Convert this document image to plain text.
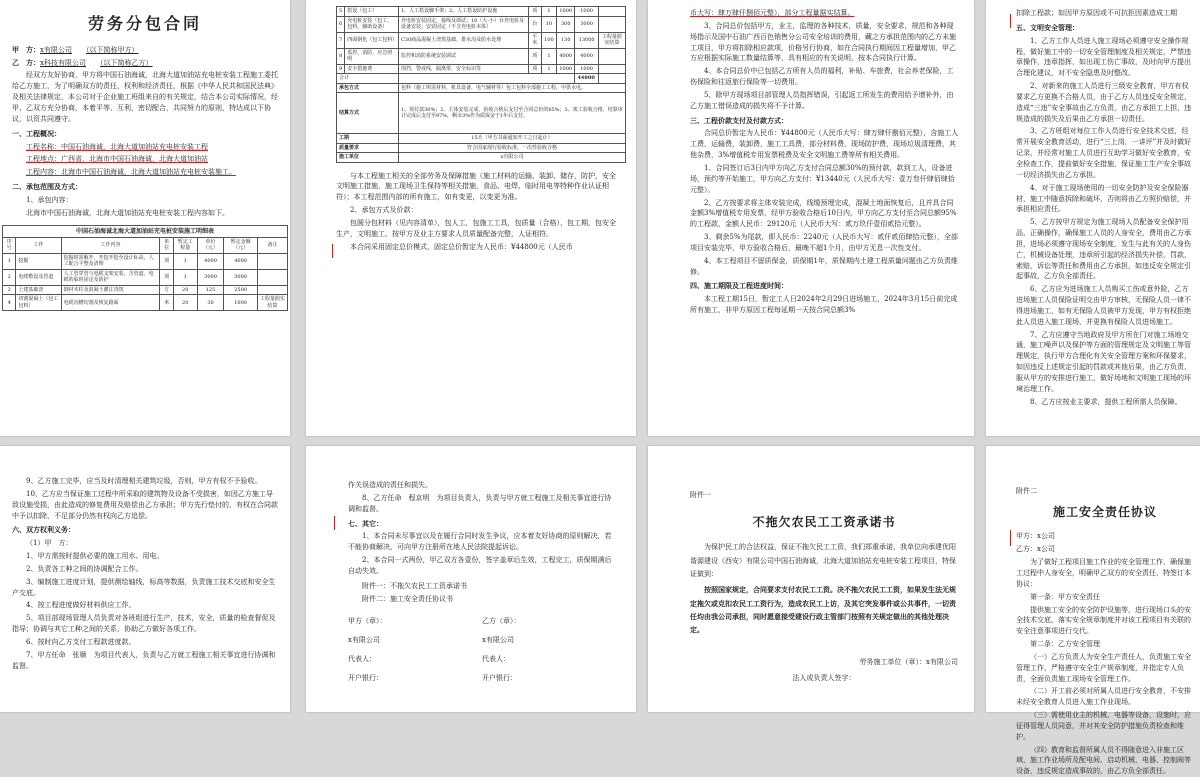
劳务分包合同

甲　方：x有限公司　　 （以下简称甲方）

乙　方：x科技有限公司　　 （以下简称乙方）

经双方友好协商，甲方将中国石油海诚，北海大道加油站充电桩安装工程施工委托给乙方施工，为了明确双方的责任，权利和经济责任，根据《中华人民共和国民法典》及相关法律规定，本公司对于企业施工班组来自的有关规定，结合本公司实际情况，经甲、乙双方充分协商，本着平等、互利，密切配合，共同努力的原则，特达成以下协议，以资共同遵守。

一、工程概况：

工程名称：中国石油海诚，北海大道加油站充电桩安装工程

工程地点：广西省，北海市中国石油海诚，北海大道加油站

工程内容：北海市中国石油海诚，北海大道加油站充电桩安装施工。

二、承包范围及方式：

1、承包内容：

北海市中国石油海诚，北海大道加油站充电桩安装工程内容如下。

中国石油海诚北海大道加油站充电桩安装施工明细表
序号	工作	工作内容	单位	暂定工程量	单价（元）	暂定金额（元）	备注
1	挖掘	挖掘时需解开，开挖开挖至设计标高，人工配合平整及清理	项	1	4000	4000	
2	电缆敷设及管道	人工管穿管与电缆支架安装，含管道，电缆的临时固定及防护	项	1	3000	3000	
3	土建基础浇	钢材木柱及混凝土灌注浇筑	方	20	125	2500	
4	切割混凝土（包工包料）	电缆沟槽切割及恢复路面	米	20	30	1000	工程量据实结算
5	搭设（包工）	1、人工搭设脚手架；2、人工搭设防护设施	项	1	1000	1000	
6	充电桩安装（包工，包料，辅助设备）	充电桩安装固定，接线及调试；10（大-小）台充电桩及设备安装；安装固定（不含充电桩本体）	台	10	300	3000	
7	四面钢化（包工包料）	C30商品混凝土浇筑基础，排水沟及防水处理	平米	100	130	13000	工程量据实结算
8	监控，消防，应急照明	监控和消防系统安装调试	项	1	4000	4000	
9	安全措施费	围挡，警戒线，隔离带，安全标识等	项	1	1000	1000	
合计						44800	
承包方式		包料（施工所需材料，机具设备，电气辅材等）包工包料全部施工工程，甲供水电。					
结算方式		1、预付款30%；2、主体安装完成，验收合格后支付至合同总价的85%；3、竣工验收合格，结算审计完成后支付至97%，剩余3%作为质保金于1年后支付。					
工期		15天（甲方书面通知开工之日起计）					
质量要求		符合国家现行验收标准，一次性验收合格					
施工单位		x有限公司					

与本工程施工相关的全部劳务及保障措施（施工材料的运输、装卸、储存，防护，安全文明施工措施，施工现场卫生保持等相关措施，食品、电焊、临时用电等特种作业认证相符）；本工程范围内部的所有施工，如有变更，以变更为准。

2、承包方式及价款：

包圆分包材料（见内容清单），包人工，包施工工具，包质量（合格），包工期，包安全生产，文明施工，按甲方及业主方要求人员质量配备完整，人证相符。

本合同采用固定总价模式，固定总价暂定为人民币：¥44800元（人民币

币大写：肆万肆仟捌佰元整），部分工程量据实结算。

3、合同总价包括甲方，业主，监理的各种技术，质量，安全要求，规范和各种现场指示及国中石油广西百色销售分公司安全培训的费用，藏之方承担范围内的乙方未施工项目，甲方将扣除相应款项，价格另行协商，如在合同执行期间因工程量增加，甲乙方应根据实际施工数量结算等，具有相应的有关说明，按本合同执行计算。

4、本合同总价中已包括乙方所有人员的福利，补贴、车旅费，社会养老保险，工伤保险和往返旅行保险等一切费用。

5、除甲方现场项目部管理人员指挥错误，引起返工所发生的费用给予增补外，由乙方施工错误造成的损失将不予计算。

三、工程价款支付及付款方式：

合同总价暂定为人民币：¥44800元（人民币大写：肆万肆仟捌佰元整），含施工人工费，运输费，装卸费，施工工具费，部分材料费，现场防护费，现场垃圾清理费，其他杂费，3%增值税专用发票税费及安全文明施工费等所有相关费用。

1、合同签订后3日内甲方向乙方支付合同总额30%的预付款，款到工人，设备进场，预约等开始施工，甲方向乙方支付：¥13440元（人民币大写：壹万叁仟肆佰肆拾元整）。

2、乙方按要求将主体安装完成，线缆预埋完成，混凝土地面恢复后，且并具合同金额3%增值税专用发票，经甲方验收合格后10日内，甲方向乙方支付至合同总额95%的工程款，金额人民币：29120元（人民币大写：贰万玖仟壹佰贰拾元整）。

3、剩余5%为尾款，即人民币：2240元（人民币大写：贰仟贰佰肆拾元整），全部项目安装完毕，甲方验收合格后，最晚不超1个月，由甲方无息一次性支付。

4、本工程项目不留质保金，质保期1年，质保期内土建工程质量问题由乙方负责维修。

四、施工期限及工程进度时间：

本工程工期15日，暂定工人日2024年2月29日进场施工，2024年3月15日前完成所有施工，非甲方原因工程每延期一天按合同总额3%

扣除工程款；如因甲方原因或不可抗拒因素造成工期

五、文明安全管理：

1、乙方工作人员进入施工现场必须遵守安全操作规程，做好施工中的一切安全管理制度及相关规定，严禁违章操作，违章指挥，如出现工伤亡事故，及时向甲方提出合理化建议，对不安全隐患及时整改。

2、对新来的施工人员进行三级安全教育，甲方有权要求乙方更换不合格人员，由于乙方人员违反安全规定，造成“三违”安全事故由乙方负责，由乙方承担工上担，违规造成的损失及后果由乙方承担一切责任。

3、乙方班组对每位工作人员进行安全技术交底，经常开展安全教育活动，进行“三上岗，一讲评”并及时做好记录，并经常对施工人员进行互助学习做好安全教育，安全检查工作，提前做好安全措施，保证施工生产安全事故一切经济损失由乙方承担。

4、对于施工现场使用的一切安全防护及安全保险器材，施工中随意拆除和破坏，否则将由乙方照价赔偿，并承担相应责任。

5、乙方按甲方规定为施工现场人员配备安全保护用品，正确操作，确保施工人员的人身安全，费用由乙方承担，进场必须遵守现场安全制度，发生与此有关的人身伤亡，机械设备处理，违章所引起的经济损失补偿，罚款，索赔，诉讼等责任和费用由乙方承担，如违反安全规定引起事故，乙方负全部责任。

6、乙方应为进场施工人员购买工伤或意外险，乙方进场施工人员保险证明交由甲方审核，无保险人员一律不得进场施工，如有无保险人员被甲方发现，甲方有权拒绝此人员进入施工现场，并更换有保险人员进场施工。

7、乙方应遵守当地政府及甲方所在门对施工场地交通，施工噪声以及保护等方面的管理规定及文明施工等管理规定，执行甲方合理化有关安全管理方案和环保要求，如因违反上述规定引起的罚款或其他后果，由乙方负责，服从甲方的安排进行施工，做好场地和文明施工现场的环境治理工作。

8、乙方应按业主要求，提供工程所需人员保障。

9、乙方施工完毕，应当及时清理相关建筑垃圾，否则，甲方有权不予验收。

10、乙方应当保证施工过程中所采取的建筑物及设备不受损害，如因乙方施工导致设施受损，由此造成的修复费用及赔偿由乙方承担；甲方先行垫付的，有权在合同款中予以扣除，不足部分仍然有权向乙方追偿。

六、双方权利义务：

（1）甲　方：

1、甲方需按时提供必要的施工用水、用电。

2、负责各工种之间的协调配合工作。

3、编制施工进度计划，提供测绘轴线，标高等数据，负责施工技术交底和安全生产交底。

4、按工程进度做好材料供应工作。

5、项目部现场管理人员负责对各班组进行生产，技术，安全，质量的检查督促及指导；协调与其它工种之间的关系，协助乙方做好各项工作。

6、按时向乙方支付工程款进度款。

7、甲方任命　张顺　为项目代表人，负责与乙方就工程施工相关事宜进行协调和监督。

作关误造成的责任和损失。

8、乙方任命　程京明　为项目负责人，负责与甲方就工程施工及相关事宜进行协调和监督。

七、其它：

1、本合同未尽事宜以及在履行合同时发生争议，应本着友好协商的原则解决，若不能协商解决，可向甲方注册所在地人民法院提起诉讼。

2、本合同一式两份，甲乙双方各壹份，签字盖章后生效，工程完工，质保期满后自动失效。

附件一：不拖欠农民工工资承诺书

附件二：施工安全责任协议书

甲方（章）：

x有限公司

代表人：

开户银行：

乙方（章）：

x有限公司

代表人：

开户银行：

附件一

不拖欠农民工工资承诺书

为保护民工的合法权益，保证不拖欠民工工资，我们郑重承诺，我单位向承建优阳谐源建设（西安）有限公司中国石油海诚，北海大道加油站充电桩安装工程项目，特保证做到：

按照国家规定，合同要求支付农民工工资。决不拖欠农民工工资，如果发生法无规定拖欠或克扣农民工工资行为，造成农民工上访，及其它突发事件或公共事件，一切责任均由我公司承担，同时愿意接受建设行政主管部门按照有关规定做出的其他处理决定。

劳务施工单位（章）：x有限公司

法人或负责人签字：

附件二

施工安全责任协议

甲方：x公司

乙方：x公司

为了做好工程项目施工作业的安全管理工作，确保施工过程中人身安全，明确甲乙双方的安全责任，特签订本协议：

第一条：甲方安全责任

提供施工安全的安全防护设施等，进行现场口头的安全技术交底，落实安全规章制度并对该工程项目有关联的安全注意事项进行交代。

第二条：乙方安全管理

（一）乙方负责人为安全生产责任人，负责施工安全管理工作，严格遵守安全生产规章制度，并指定专人负责，全面负责施工现场安全管理工作。

（二）开工前必须对所属人员进行安全教育，不安排未经安全教育人员进入施工作业现场。

（三）需使用业主的机械、电器等设备，设施时，应征得管理人员同意，并对其安全防护措施负责检查和维护。

（四）教育和监督所属人员不得随意进入非施工区域，施工作业场所及配电间、启动机械，电器、控制阀等设备，违反规定造成事故的，由乙方负全部责任。
